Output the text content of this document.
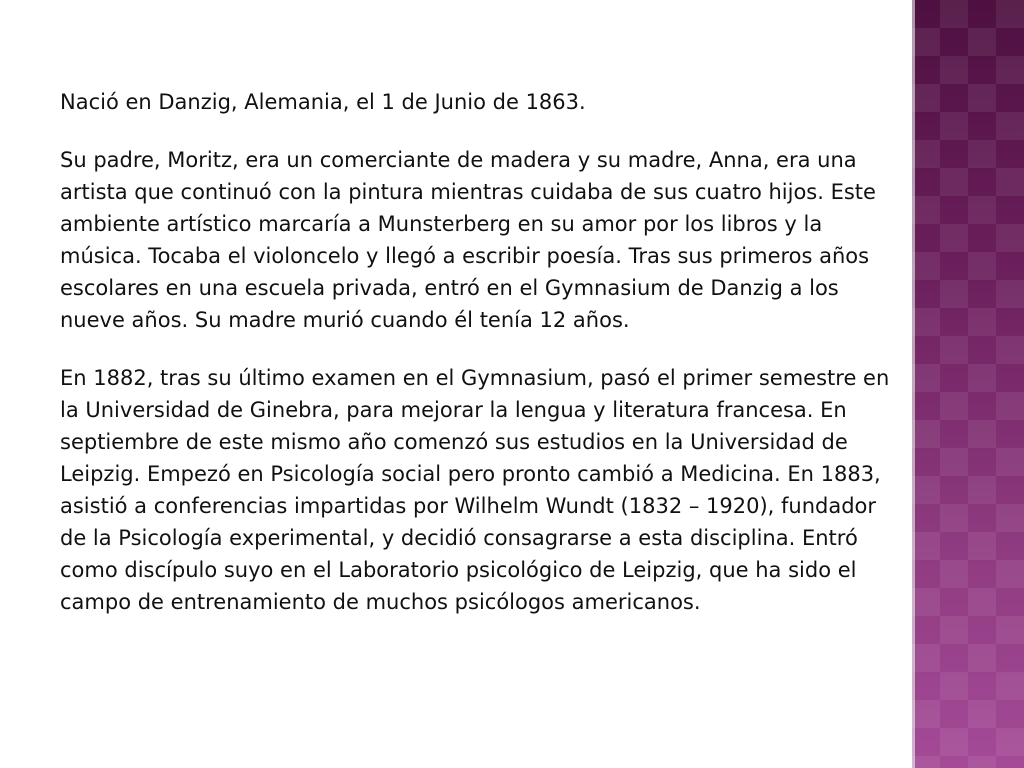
Nació en Danzig, Alemania, el 1 de Junio de 1863.

Su padre, Moritz, era un comerciante de madera y su madre, Anna, era una artista que continuó con la pintura mientras cuidaba de sus cuatro hijos. Este ambiente artístico marcaría a Munsterberg en su amor por los libros y la música. Tocaba el violoncelo y llegó a escribir poesía. Tras sus primeros años escolares en una escuela privada, entró en el Gymnasium de Danzig a los nueve años. Su madre murió cuando él tenía 12 años.

En 1882, tras su último examen en el Gymnasium, pasó el primer semestre en la Universidad de Ginebra, para mejorar la lengua y literatura francesa. En septiembre de este mismo año comenzó sus estudios en la Universidad de Leipzig. Empezó en Psicología social pero pronto cambió a Medicina. En 1883, asistió a conferencias impartidas por Wilhelm Wundt (1832 – 1920), fundador de la Psicología experimental, y decidió consagrarse a esta disciplina. Entró como discípulo suyo en el Laboratorio psicológico de Leipzig, que ha sido el campo de entrenamiento de muchos psicólogos americanos.
